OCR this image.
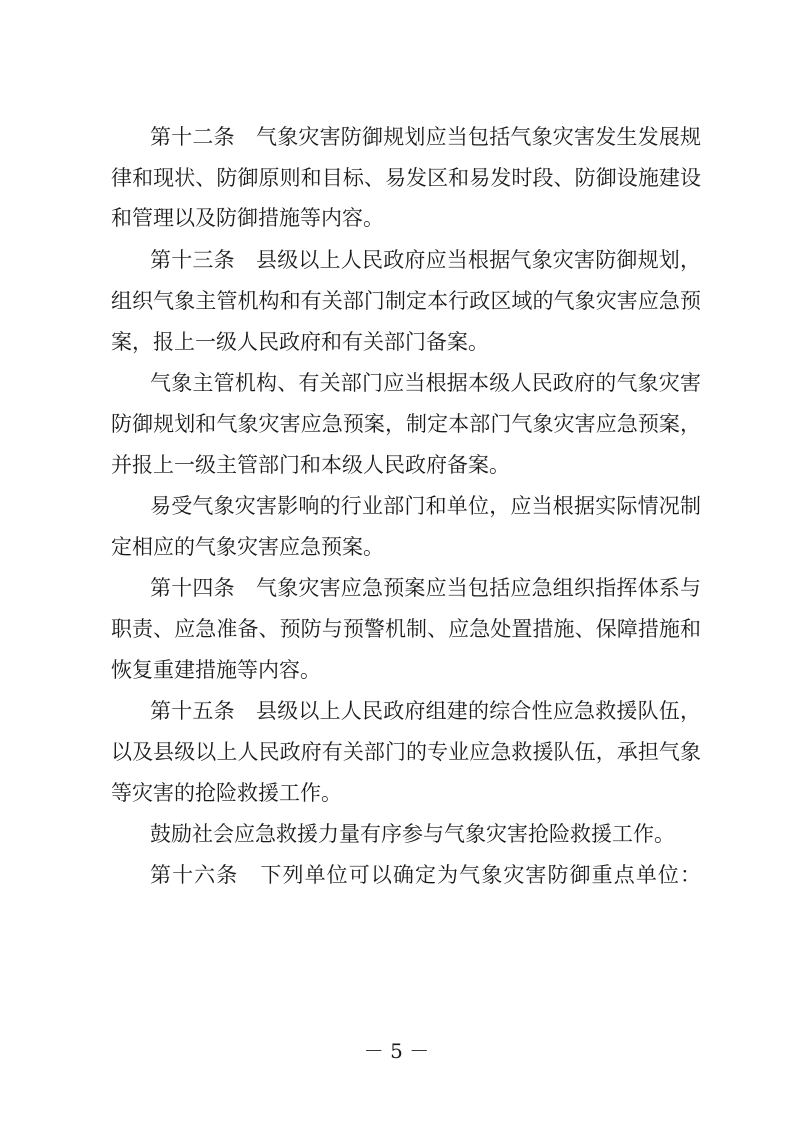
第十二条　气象灾害防御规划应当包括气象灾害发生发展规
律和现状、防御原则和目标、易发区和易发时段、防御设施建设
和管理以及防御措施等内容。
第十三条　县级以上人民政府应当根据气象灾害防御规划，
组织气象主管机构和有关部门制定本行政区域的气象灾害应急预
案，报上一级人民政府和有关部门备案。
气象主管机构、有关部门应当根据本级人民政府的气象灾害
防御规划和气象灾害应急预案，制定本部门气象灾害应急预案，
并报上一级主管部门和本级人民政府备案。
易受气象灾害影响的行业部门和单位，应当根据实际情况制
定相应的气象灾害应急预案。
第十四条　气象灾害应急预案应当包括应急组织指挥体系与
职责、应急准备、预防与预警机制、应急处置措施、保障措施和
恢复重建措施等内容。
第十五条　县级以上人民政府组建的综合性应急救援队伍，
以及县级以上人民政府有关部门的专业应急救援队伍，承担气象
等灾害的抢险救援工作。
鼓励社会应急救援力量有序参与气象灾害抢险救援工作。
第十六条　下列单位可以确定为气象灾害防御重点单位：
－ 5 －
